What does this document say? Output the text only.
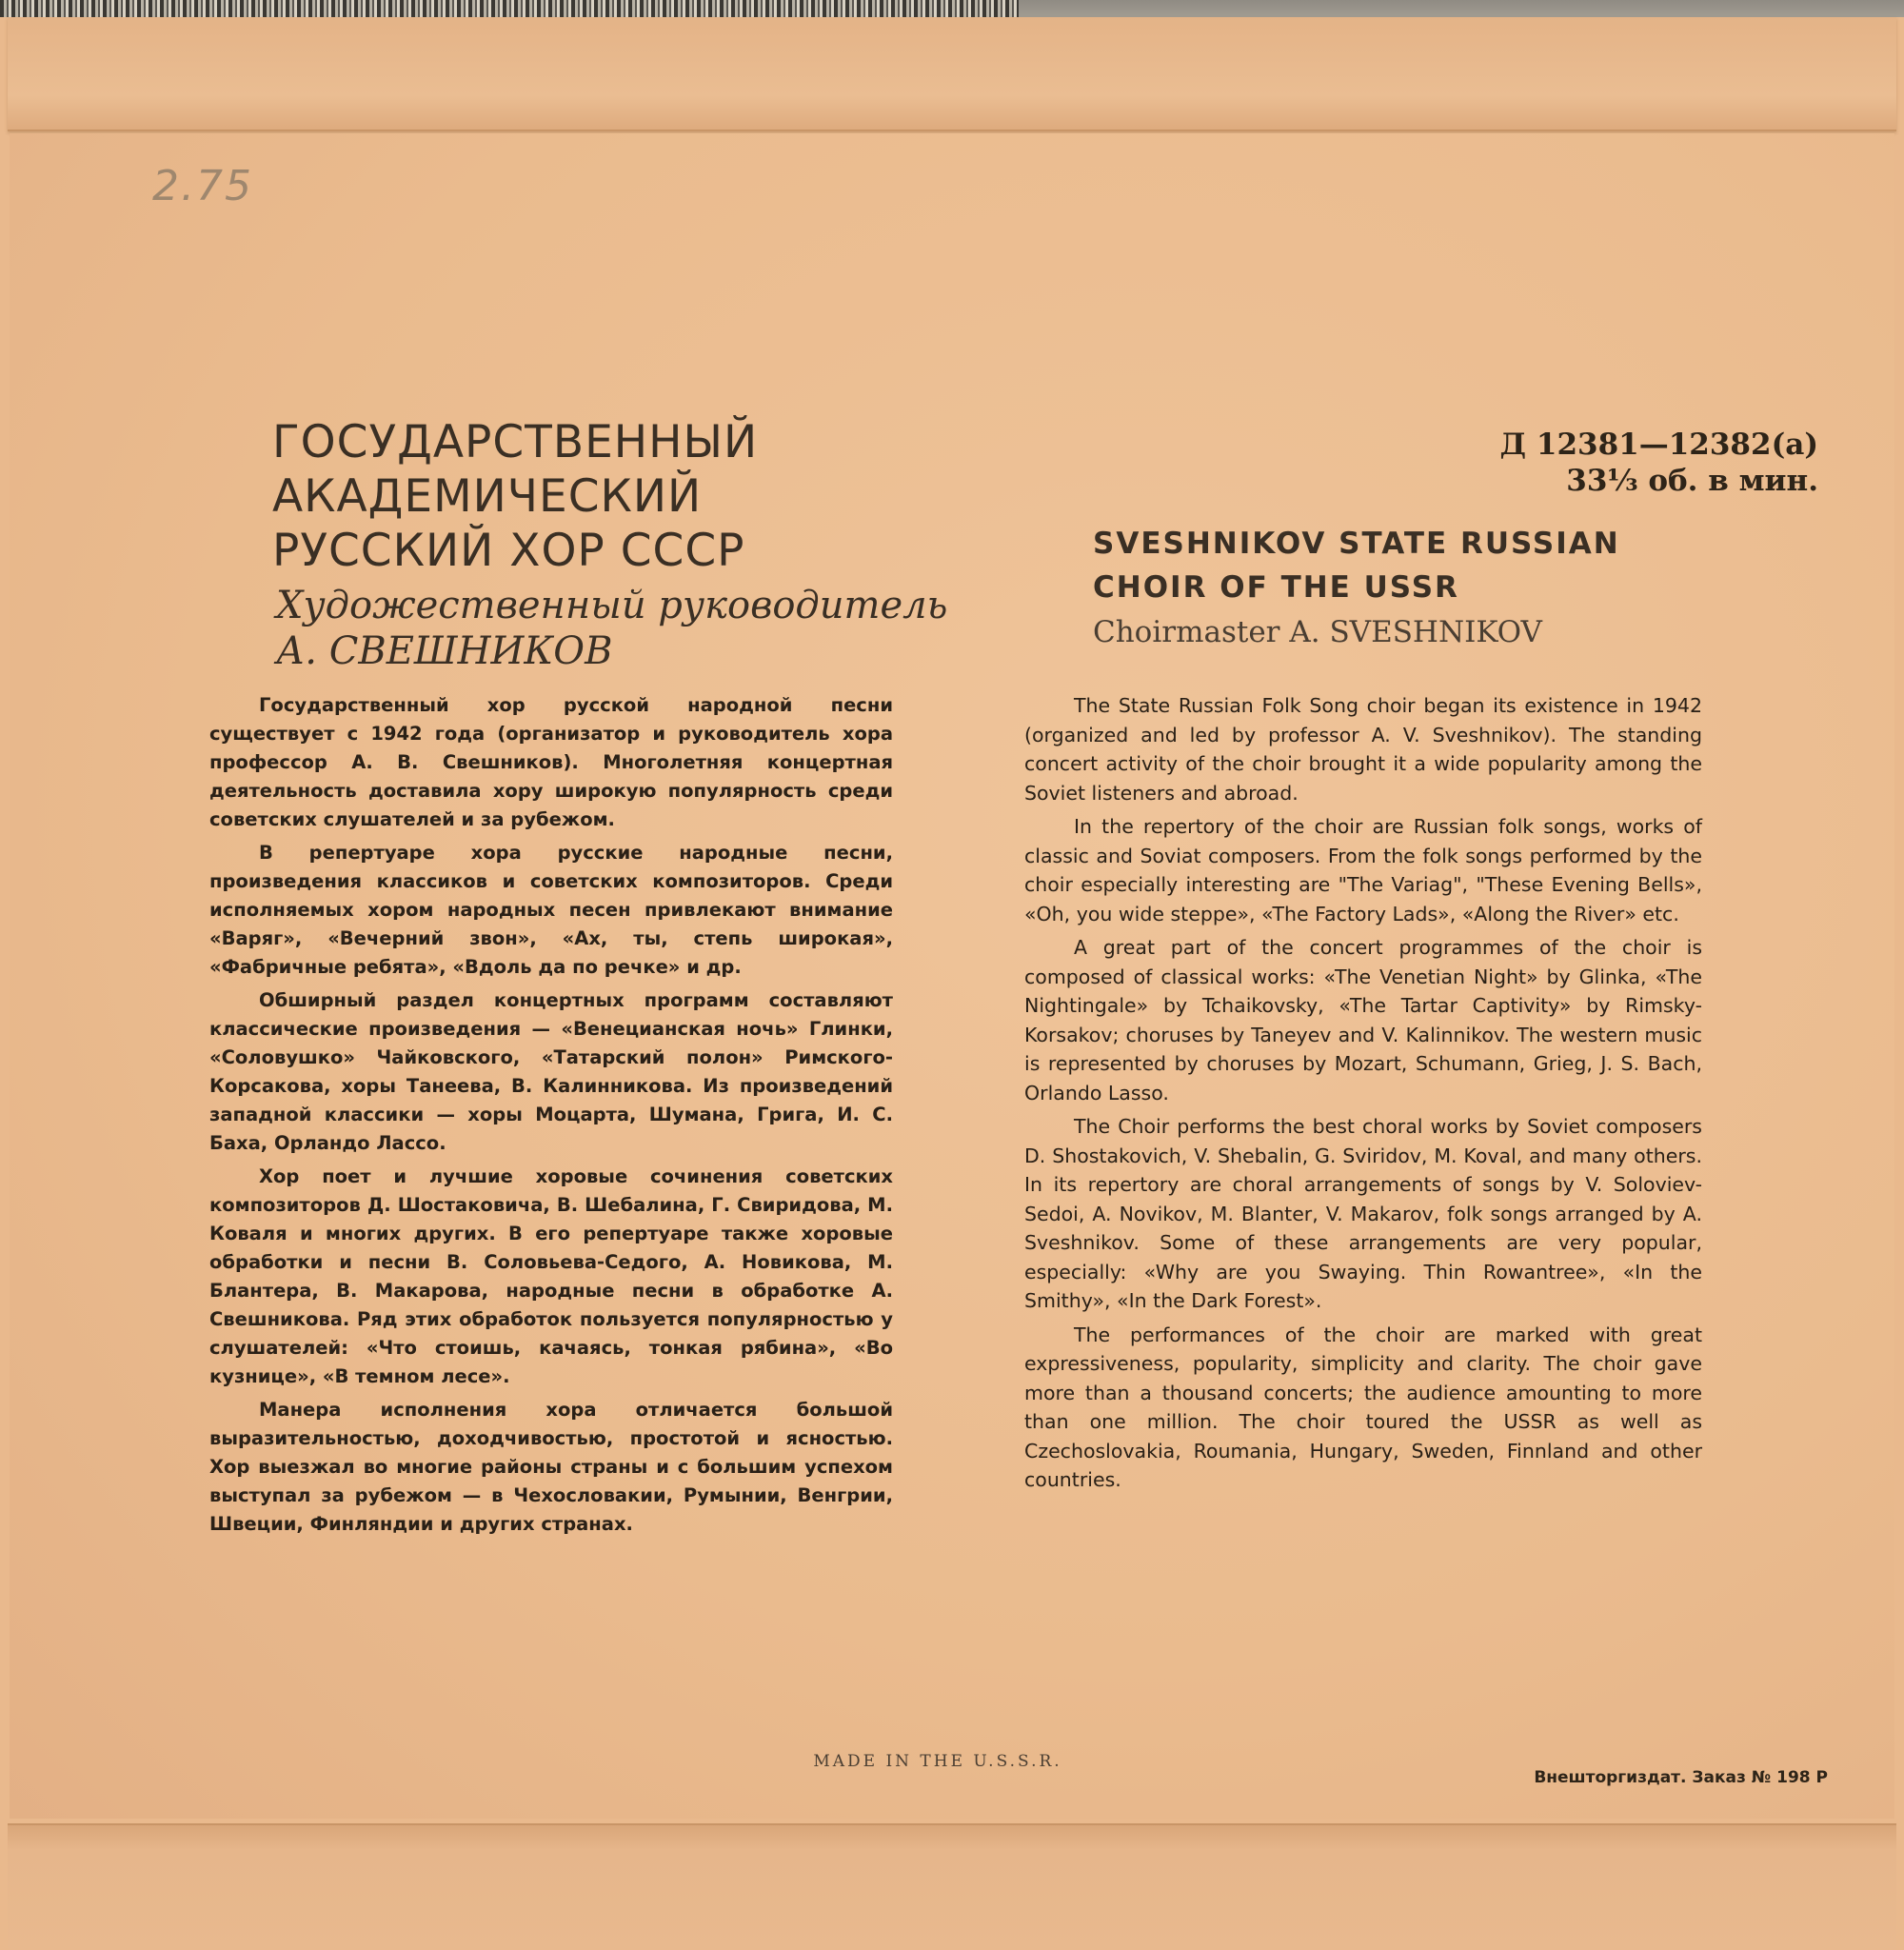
2.75
ГОСУДАРСТВЕННЫЙ
АКАДЕМИЧЕСКИЙ
РУССКИЙ ХОР СССР
Художественный руководитель
А. СВЕШНИКОВ
Д 12381—12382(а)
33⅓ об. в мин.
SVESHNIKOV STATE RUSSIAN
CHOIR OF THE USSR
Choirmaster A. SVESHNIKOV

Государственный хор русской народной песни существует с 1942 года (организатор и руководитель хора профессор А. В. Свешников). Многолетняя концертная деятельность доставила хору широкую популярность среди советских слушателей и за рубежом.

В репертуаре хора русские народные песни, произведения классиков и советских композиторов. Среди исполняемых хором народных песен привлекают внимание «Варяг», «Вечерний звон», «Ах, ты, степь широкая», «Фабричные ребята», «Вдоль да по речке» и др.

Обширный раздел концертных программ составляют классические произведения — «Венецианская ночь» Глинки, «Соловушко» Чайковского, «Татарский полон» Римского-Корсакова, хоры Танеева, В. Калинникова. Из произведений западной классики — хоры Моцарта, Шумана, Грига, И. С. Баха, Орландо Лассо.

Хор поет и лучшие хоровые сочинения советских композиторов Д. Шостаковича, В. Шебалина, Г. Свиридова, М. Коваля и многих других. В его репертуаре также хоровые обработки и песни В. Соловьева-Седого, А. Новикова, М. Блантера, В. Макарова, народные песни в обработке А. Свешникова. Ряд этих обработок пользуется популярностью у слушателей: «Что стоишь, качаясь, тонкая рябина», «Во кузнице», «В темном лесе».

Манера исполнения хора отличается большой выразительностью, доходчивостью, простотой и ясностью. Хор выезжал во многие районы страны и с большим успехом выступал за рубежом — в Чехословакии, Румынии, Венгрии, Швеции, Финляндии и других странах.

The State Russian Folk Song choir began its existence in 1942 (organized and led by professor A. V. Sveshnikov). The standing concert activity of the choir brought it a wide popularity among the Soviet listeners and abroad.

In the repertory of the choir are Russian folk songs, works of classic and Soviat composers. From the folk songs performed by the choir especially interesting are "The Variag", "These Evening Bells», «Oh, you wide steppe», «The Factory Lads», «Along the River» etc.

A great part of the concert programmes of the choir is composed of classical works: «The Venetian Night» by Glinka, «The Nightingale» by Tchaikovsky, «The Tartar Captivity» by Rimsky-Korsakov; choruses by Taneyev and V. Kalinnikov. The western music is represented by choruses by Mozart, Schumann, Grieg, J. S. Bach, Orlando Lasso.

The Choir performs the best choral works by Soviet composers D. Shostakovich, V. Shebalin, G. Sviridov, M. Koval, and many others. In its repertory are choral arrangements of songs by V. Soloviev-Sedoi, A. Novikov, M. Blanter, V. Makarov, folk songs arranged by A. Sveshnikov. Some of these arrangements are very popular, especially: «Why are you Swaying. Thin Rowantree», «In the Smithy», «In the Dark Forest».

The performances of the choir are marked with great expressiveness, popularity, simplicity and clarity. The choir gave more than a thousand concerts; the audience amounting to more than one million. The choir toured the USSR as well as Czechoslovakia, Roumania, Hungary, Sweden, Finnland and other countries.

MADE IN THE U.S.S.R.
Внешторгиздат. Заказ № 198 Р
